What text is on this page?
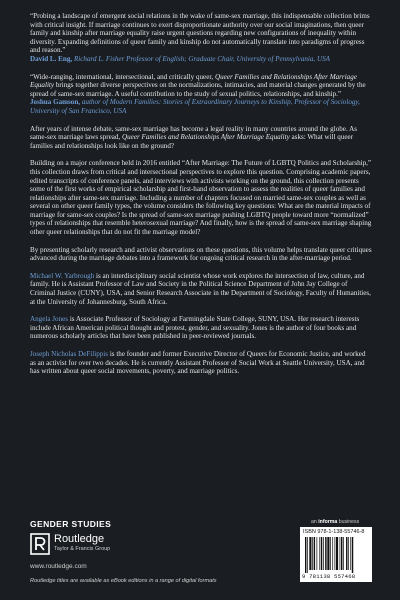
“Probing a landscape of emergent social relations in the wake of same-sex marriage, this indispensable collection brims with critical insight. If marriage continues to exert disproportionate authority over our social imaginations, then queer family and kinship after marriage equality raise urgent questions regarding new configurations of inequality within diversity. Expanding definitions of queer family and kinship do not automatically translate into paradigms of progress and reason.”
David L. Eng, Richard L. Fisher Professor of English; Graduate Chair, University of Pennsylvania, USA

“Wide-ranging, international, intersectional, and critically queer, Queer Families and Relationships After Marriage Equality brings together diverse perspectives on the normalizations, intimacies, and material changes generated by the spread of same-sex marriage. A useful contribution to the study of sexual politics, relationships, and kinship.”
Joshua Gamson, author of Modern Families: Stories of Extraordinary Journeys to Kinship, Professor of Sociology, University of San Francisco, USA

After years of intense debate, same-sex marriage has become a legal reality in many countries around the globe. As same-sex marriage laws spread, Queer Families and Relationships After Marriage Equality asks: What will queer families and relationships look like on the ground?

Building on a major conference held in 2016 entitled “After Marriage: The Future of LGBTQ Politics and Scholarship,” this collection draws from critical and intersectional perspectives to explore this question. Comprising academic papers, edited transcripts of conference panels, and interviews with activists working on the ground, this collection presents some of the first works of empirical scholarship and first-hand observation to assess the realities of queer families and relationships after same-sex marriage. Including a number of chapters focused on married same-sex couples as well as several on other queer family types, the volume considers the following key questions: What are the material impacts of marriage for same-sex couples? Is the spread of same-sex marriage pushing LGBTQ people toward more “normalized” types of relationships that resemble heterosexual marriage? And finally, how is the spread of same-sex marriage shaping other queer relationships that do not fit the marriage model?

By presenting scholarly research and activist observations on these questions, this volume helps translate queer critiques advanced during the marriage debates into a framework for ongoing critical research in the after-marriage period.

Michael W. Yarbrough is an interdisciplinary social scientist whose work explores the intersection of law, culture, and family. He is Assistant Professor of Law and Society in the Political Science Department of John Jay College of Criminal Justice (CUNY), USA, and Senior Research Associate in the Department of Sociology, Faculty of Humanities, at the University of Johannesburg, South Africa.

Angela Jones is Associate Professor of Sociology at Farmingdale State College, SUNY, USA. Her research interests include African American political thought and protest, gender, and sexuality. Jones is the author of four books and numerous scholarly articles that have been published in peer-reviewed journals.

Joseph Nicholas DeFilippis is the founder and former Executive Director of Queers for Economic Justice, and worked as an activist for over two decades. He is currently Assistant Professor of Social Work at Seattle University, USA, and has written about queer social movements, poverty, and marriage politics.

GENDER STUDIES
Routledge
Taylor & Francis Group
www.routledge.com
Routledge titles are available as eBook editions in a range of digital formats
an informa business
ISBN 978-1-138-55746-8
9 781138 557468
